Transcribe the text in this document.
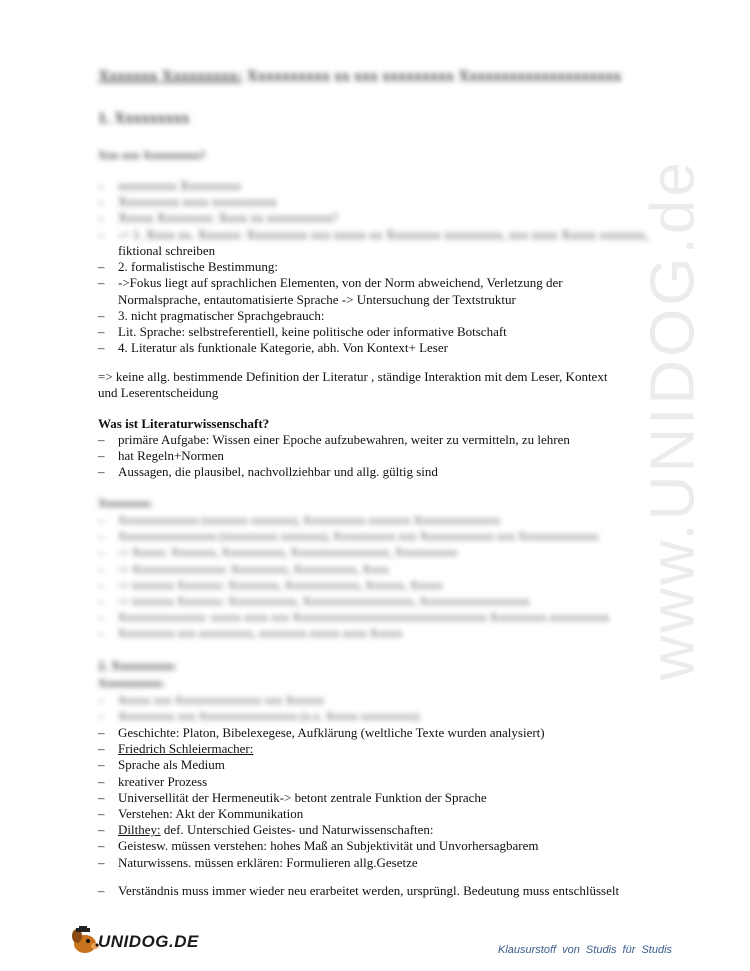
www.UNIDOG.de
Xxxxxxx Xxxxxxxxx: Xxxxxxxxxx xx xxx xxxxxxxxx Xxxxxxxxxxxxxxxxxxxx
1. Xxxxxxxxx
Xxx xxx Xxxxxxxxx?
– xxxxxxxxx Xxxxxxxxx
– Xxxxxxxxx xxxx xxxxxxxxxx
– Xxxxx Xxxxxxxx: Xxxx xx xxxxxxxxxx?
– -> 1. Xxxx xx. Xxxxxx: Xxxxxxxxx xxx xxxxx xx Xxxxxxxx xxxxxxxxx, xxx xxxx Xxxxx xxxxxxx,
fiktional schreiben
– 2. formalistische Bestimmung:
– ->Fokus liegt auf sprachlichen Elementen, von der Norm abweichend, Verletzung der
Normalsprache, entautomatisierte Sprache -> Untersuchung der Textstruktur
– 3. nicht pragmatischer Sprachgebrauch:
– Lit. Sprache: selbstreferentiell, keine politische oder informative Botschaft
– 4. Literatur als funktionale Kategorie, abh. Von Kontext+ Leser
=> keine allg. bestimmende Definition der Literatur , ständige Interaktion mit dem Leser, Kontext
und Leserentscheidung
Was ist Literaturwissenschaft?
– primäre Aufgabe: Wissen einer Epoche aufzubewahren, weiter zu vermitteln, zu lehren
– hat Regeln+Normen
– Aussagen, die plausibel, nachvollziehbar und allg. gültig sind
Xxxxxxxx:
– Xxxxxxxxxxxxx (xxxxxxx xxxxxxx), Xxxxxxxxxx xxxxxxx Xxxxxxxxxxxxxx
– Xxxxxxxxxxxxxxxx (xxxxxxxxx xxxxxxx), Xxxxxxxxxx xxx Xxxxxxxxxxxx xxx Xxxxxxxxxxxxx
– -> Xxxxx: Xxxxxxx, Xxxxxxxxxx, Xxxxxxxxxxxxxxxx, Xxxxxxxxxx
– -> Xxxxxxxxxxxxxxx: Xxxxxxxxx, Xxxxxxxxxx, Xxxx
– -> xxxxxxx Xxxxxxx: Xxxxxxxx, Xxxxxxxxxxxx, Xxxxxx, Xxxxx
– -> xxxxxxx Xxxxxxx: Xxxxxxxxxxx, Xxxxxxxxxxxxxxxxxx, Xxxxxxxxxxxxxxxxxx
– Xxxxxxxxxxxxxx: xxxxx xxxx xxx Xxxxxxxxxxxxxxxxxxxxxxxxxxxxxxxx Xxxxxxxxx xxxxxxxxxx
– Xxxxxxxxx xxx xxxxxxxxx, xxxxxxxx xxxxx xxxx Xxxxx
2. Xxxxxxxxx:
Xxxxxxxxxx:
– Xxxxx xxx Xxxxxxxxxxxxxx xxx Xxxxxx
– Xxxxxxxxx xxx Xxxxxxxxxxxxxxxx (x.x. Xxxxx xxxxxxxxx)
– Geschichte: Platon, Bibelexegese, Aufklärung (weltliche Texte wurden analysiert)
– Friedrich Schleiermacher:
– Sprache als Medium
– kreativer Prozess
– Universellität der Hermeneutik-> betont zentrale Funktion der Sprache
– Verstehen: Akt der Kommunikation
– Dilthey: def. Unterschied Geistes- und Naturwissenschaften:
– Geistesw. müssen verstehen: hohes Maß an Subjektivität und Unvorhersagbarem
– Naturwissens. müssen erklären: Formulieren allg.Gesetze
– Verständnis muss immer wieder neu erarbeitet werden, ursprüngl. Bedeutung muss entschlüsselt
UNIDOG.DE	Klausurstoff von Studis für Studis
